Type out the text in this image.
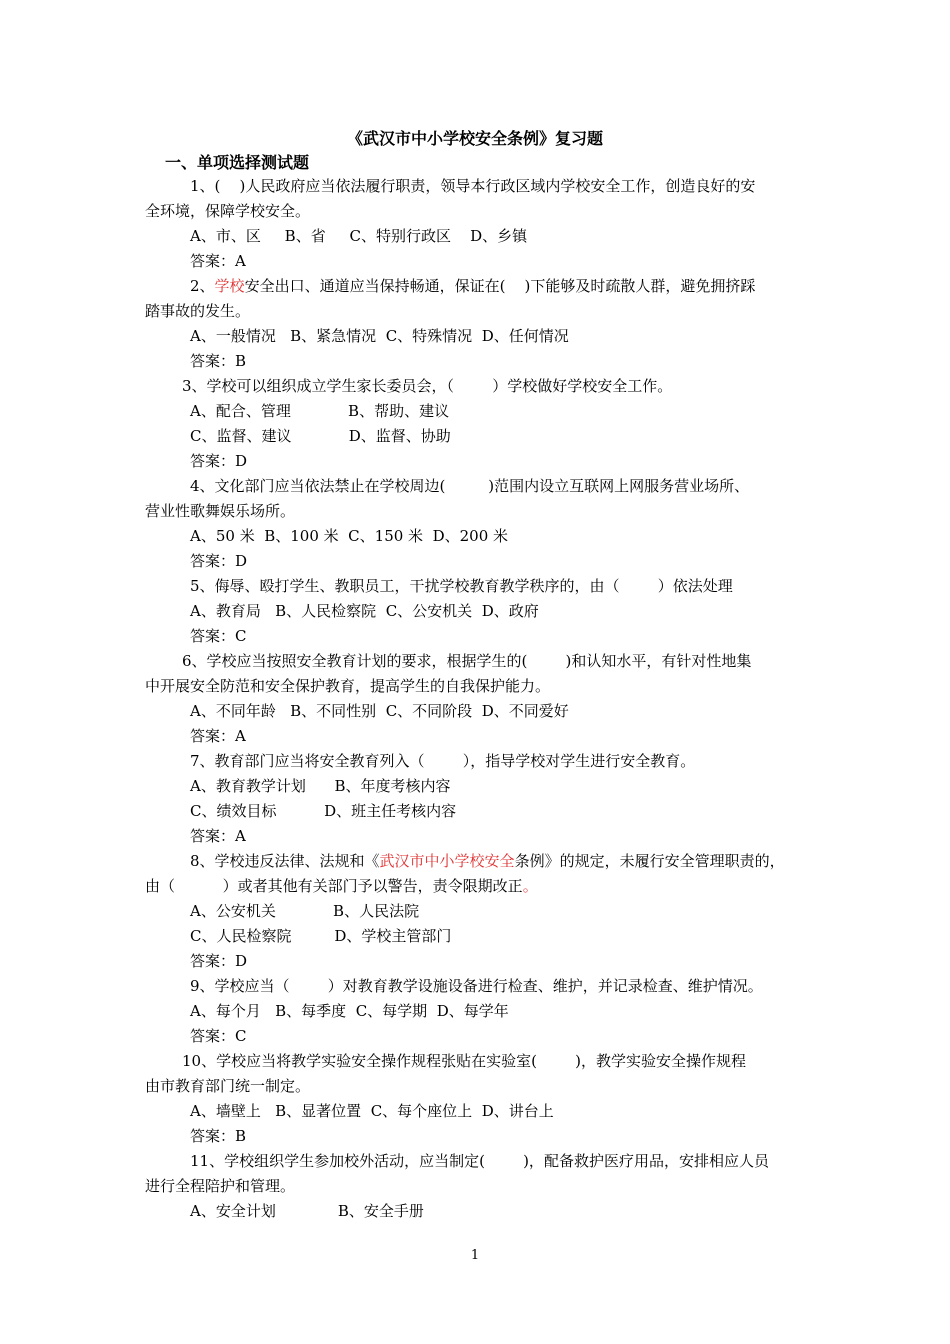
《武汉市中小学校安全条例》复习题
一、单项选择测试题
1、(    )人民政府应当依法履行职责，领导本行政区域内学校安全工作，创造良好的安
全环境，保障学校安全。
A、市、区     B、省     C、特别行政区    D、乡镇
答案：A
2、学校安全出口、通道应当保持畅通，保证在(    )下能够及时疏散人群，避免拥挤踩
踏事故的发生。
A、一般情况   B、紧急情况  C、特殊情况  D、任何情况
答案：B
3、学校可以组织成立学生家长委员会，（        ）学校做好学校安全工作。
A、配合、管理            B、帮助、建议
C、监督、建议            D、监督、协助
答案：D
4、文化部门应当依法禁止在学校周边(         )范围内设立互联网上网服务营业场所、
营业性歌舞娱乐场所。
A、50 米  B、100 米  C、150 米  D、200 米
答案：D
5、侮辱、殴打学生、教职员工，干扰学校教育教学秩序的，由（        ）依法处理
A、教育局   B、人民检察院  C、公安机关  D、政府
答案：C
6、学校应当按照安全教育计划的要求，根据学生的(        )和认知水平，有针对性地集
中开展安全防范和安全保护教育，提高学生的自我保护能力。
A、不同年龄   B、不同性别  C、不同阶段  D、不同爱好
答案：A
7、教育部门应当将安全教育列入（        ），指导学校对学生进行安全教育。
A、教育教学计划      B、年度考核内容
C、绩效目标          D、班主任考核内容
答案：A
8、学校违反法律、法规和《武汉市中小学校安全条例》的规定，未履行安全管理职责的，
由（          ）或者其他有关部门予以警告，责令限期改正。
A、公安机关            B、人民法院
C、人民检察院         D、学校主管部门
答案：D
9、学校应当（        ）对教育教学设施设备进行检查、维护，并记录检查、维护情况。
A、每个月   B、每季度  C、每学期  D、每学年
答案：C
10、学校应当将教学实验安全操作规程张贴在实验室(        )，教学实验安全操作规程
由市教育部门统一制定。
A、墙壁上   B、显著位置  C、每个座位上  D、讲台上
答案：B
11、学校组织学生参加校外活动，应当制定(        )，配备救护医疗用品，安排相应人员
进行全程陪护和管理。
A、安全计划             B、安全手册
1
